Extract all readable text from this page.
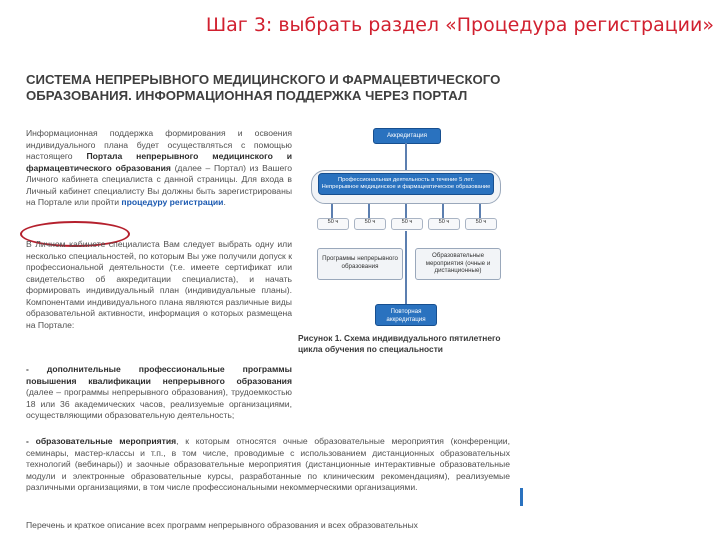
Шаг 3: выбрать раздел «Процедура регистрации»

СИСТЕМА НЕПРЕРЫВНОГО МЕДИЦИНСКОГО И ФАРМАЦЕВТИЧЕСКОГО ОБРАЗОВАНИЯ. ИНФОРМАЦИОННАЯ ПОДДЕРЖКА ЧЕРЕЗ ПОРТАЛ

Информационная поддержка формирования и освоения индивидуального плана будет осуществляться с помощью настоящего Портала непрерывного медицинского и фармацевтического образования (далее – Портал) из Вашего Личного кабинета специалиста с данной страницы. Для входа в Личный кабинет специалисту Вы должны быть зарегистрированы на Портале или пройти процедуру регистрации.

В Личном кабинете специалиста Вам следует выбрать одну или несколько специальностей, по которым Вы уже получили допуск к профессиональной деятельности (т.е. имеете сертификат или свидетельство об аккредитации специалиста), и начать формировать индивидуальный план (индивидуальные планы). Компонентами индивидуального плана являются различные виды образовательной активности, информация о которых размещена на Портале:

- дополнительные профессиональные программы повышения квалификации непрерывного образования (далее – программы непрерывного образования), трудоемкостью 18 или 36 академических часов, реализуемые организациями, осуществляющими образовательную деятельность;

- образовательные мероприятия, к которым относятся очные образовательные мероприятия (конференции, семинары, мастер-классы и т.п., в том числе, проводимые с использованием дистанционных образовательных технологий (вебинары)) и заочные образовательные мероприятия (дистанционные интерактивные образовательные модули и электронные образовательные курсы, разработанные по клиническим рекомендациям), реализуемые различными организациями, в том числе профессиональными некоммерческими организациями.

Перечень и краткое описание всех программ непрерывного образования и всех образовательных

Аккредитация
Профессиональная деятельность в течение 5 лет. Непрерывное медицинское и фармацевтическое образование
50 ч	50 ч	50 ч	50 ч	50 ч
Программы непрерывного образования
Образовательные мероприятия (очные и дистанционные)
Повторная аккредитация
Рисунок 1. Схема индивидуального пятилетнего цикла обучения по специальности
